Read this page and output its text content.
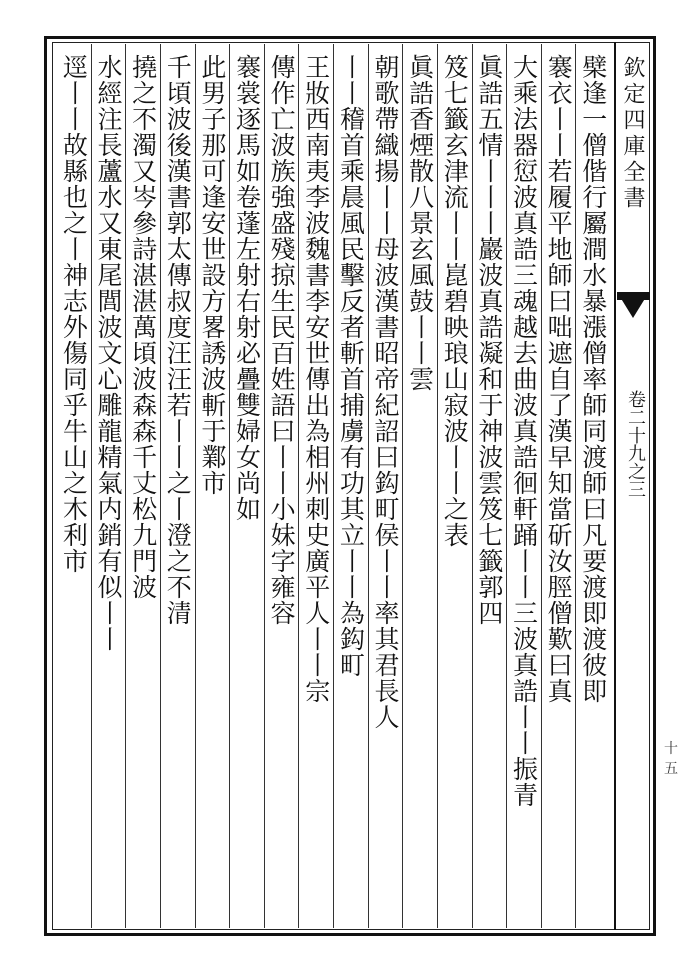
欽定四庫全書
卷二十九之三
十五
檗逢一僧偕行屬澗水暴漲僧率師同渡師曰凡要渡即渡彼即
褰衣丨丨若履平地師曰咄遮自了漢早知當斫汝脛僧歎曰真
大乘法器愆波真誥三魂越去曲波真誥徊軒踊丨丨三波真誥丨丨振青
眞誥五情丨丨丨巖波真誥凝和于神波雲笈七籤郭四
笈七籤玄津流丨丨崑碧映琅山寂波丨丨之表
眞誥香煙散八景玄風鼓丨丨雲
朝歌帶織揚丨丨母波漢書昭帝紀詔曰鈎町侯丨丨率其君長人
丨丨稽首乘晨風民擊反者斬首捕虜有功其立丨丨為鈎町
王妝西南夷李波魏書李安世傳出為相州刺史廣平人丨丨宗
傳作亡波族強盛殘掠生民百姓語曰丨丨小妹字雍容
褰裳逐馬如卷蓬左射右射必疊雙婦女尚如
此男子那可逢安世設方畧誘波斬于鄴市
千頃波後漢書郭太傳叔度汪汪若丨丨之丨澄之不清
撓之不濁又岑參詩湛湛萬頃波森森千丈松九門波
水經注長蘆水又東尾閭波文心雕龍精氣内銷有似丨丨
逕丨丨故縣也之丨神志外傷同乎牛山之木利市
